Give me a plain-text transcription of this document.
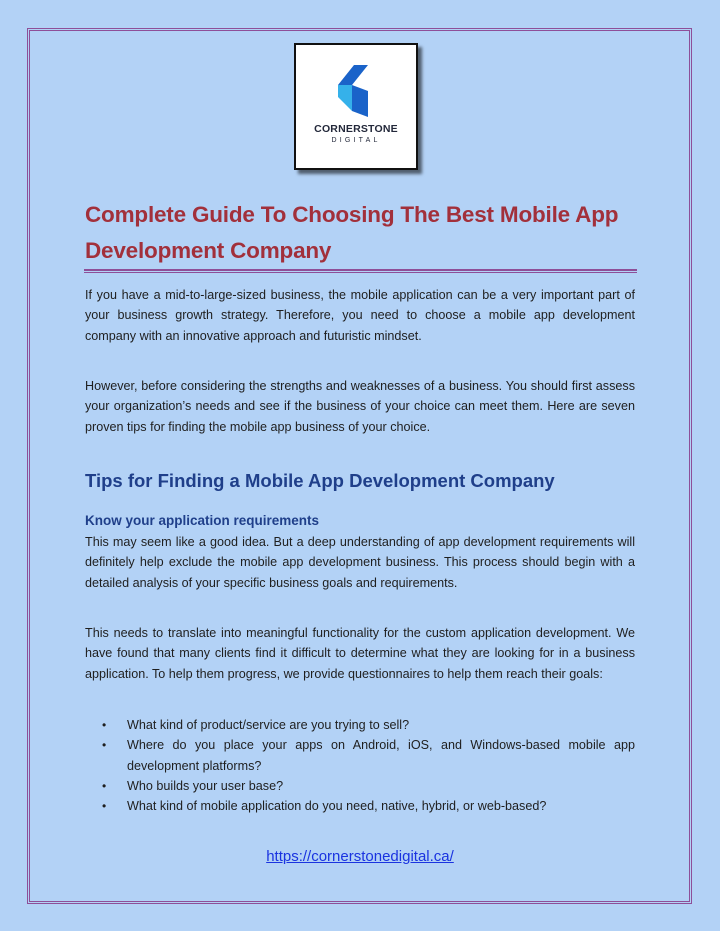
CORNERSTONE
DIGITAL
Complete Guide To Choosing The Best Mobile App Development Company

If you have a mid-to-large-sized business, the mobile application can be a very important part of your business growth strategy. Therefore, you need to choose a mobile app development company with an innovative approach and futuristic mindset.

However, before considering the strengths and weaknesses of a business. You should first assess your organization’s needs and see if the business of your choice can meet them. Here are seven proven tips for finding the mobile app business of your choice.

Tips for Finding a Mobile App Development Company
Know your application requirements

This may seem like a good idea. But a deep understanding of app development requirements will definitely help exclude the mobile app development business. This process should begin with a detailed analysis of your specific business goals and requirements.

This needs to translate into meaningful functionality for the custom application development. We have found that many clients find it difficult to determine what they are looking for in a business application. To help them progress, we provide questionnaires to help them reach their goals:

• What kind of product/service are you trying to sell?
• Where do you place your apps on Android, iOS, and Windows-based mobile app development platforms?
• Who builds your user base?
• What kind of mobile application do you need, native, hybrid, or web-based?
https://cornerstonedigital.ca/
